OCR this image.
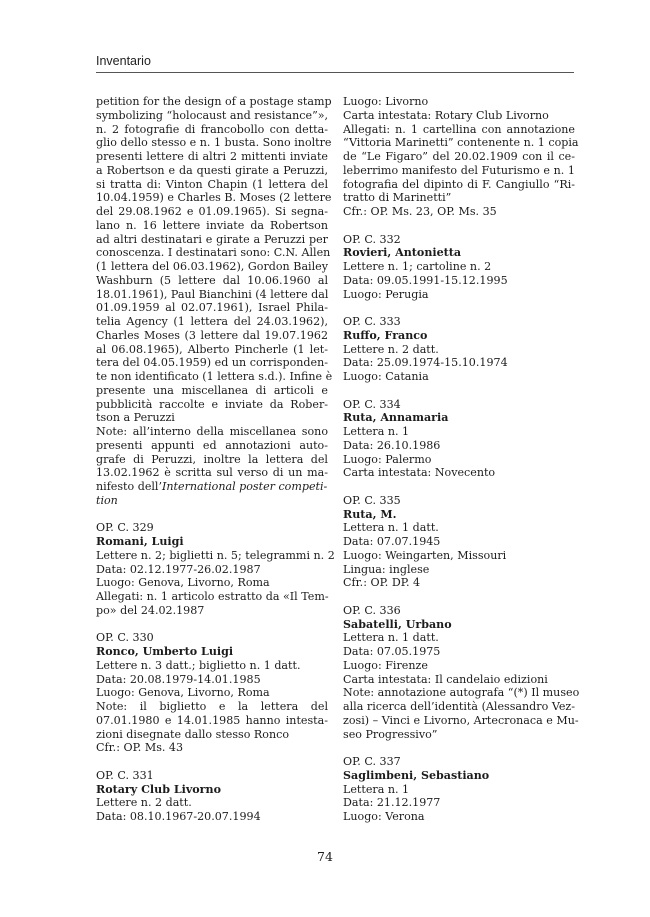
Inventario
petition for the design of a postage stamp
symbolizing “holocaust and resistance”»,
n. 2 fotografie di francobollo con detta-
glio dello stesso e n. 1 busta. Sono inoltre
presenti lettere di altri 2 mittenti inviate
a Robertson e da questi girate a Peruzzi,
si tratta di: Vinton Chapin (1 lettera del
10.04.1959) e Charles B. Moses (2 lettere
del 29.08.1962 e 01.09.1965). Si segna-
lano n. 16 lettere inviate da Robertson
ad altri destinatari e girate a Peruzzi per
conoscenza. I destinatari sono: C.N. Allen
(1 lettera del 06.03.1962), Gordon Bailey
Washburn (5 lettere dal 10.06.1960 al
18.01.1961), Paul Bianchini (4 lettere dal
01.09.1959 al 02.07.1961), Israel Phila-
telia Agency (1 lettera del 24.03.1962),
Charles Moses (3 lettere dal 19.07.1962
al 06.08.1965), Alberto Pincherle (1 let-
tera del 04.05.1959) ed un corrisponden-
te non identificato (1 lettera s.d.). Infine è
presente una miscellanea di articoli e
pubblicità raccolte e inviate da Rober-
tson a Peruzzi
Note: all’interno della miscellanea sono
presenti appunti ed annotazioni auto-
grafe di Peruzzi, inoltre la lettera del
13.02.1962 è scritta sul verso di un ma-
nifesto dell’International poster competi-
tion
OP. C. 329
Romani, Luigi
Lettere n. 2; biglietti n. 5; telegrammi n. 2
Data: 02.12.1977-26.02.1987
Luogo: Genova, Livorno, Roma
Allegati: n. 1 articolo estratto da «Il Tem-
po» del 24.02.1987
OP. C. 330
Ronco, Umberto Luigi
Lettere n. 3 datt.; biglietto n. 1 datt.
Data: 20.08.1979-14.01.1985
Luogo: Genova, Livorno, Roma
Note: il biglietto e la lettera del
07.01.1980 e 14.01.1985 hanno intesta-
zioni disegnate dallo stesso Ronco
Cfr.: OP. Ms. 43
OP. C. 331
Rotary Club Livorno
Lettere n. 2 datt.
Data: 08.10.1967-20.07.1994
Luogo: Livorno
Carta intestata: Rotary Club Livorno
Allegati: n. 1 cartellina con annotazione
“Vittoria Marinetti” contenente n. 1 copia
de “Le Figaro” del 20.02.1909 con il ce-
leberrimo manifesto del Futurismo e n. 1
fotografia del dipinto di F. Cangiullo “Ri-
tratto di Marinetti”
Cfr.: OP. Ms. 23, OP. Ms. 35
OP. C. 332
Rovieri, Antonietta
Lettere n. 1; cartoline n. 2
Data: 09.05.1991-15.12.1995
Luogo: Perugia
OP. C. 333
Ruffo, Franco
Lettere n. 2 datt.
Data: 25.09.1974-15.10.1974
Luogo: Catania
OP. C. 334
Ruta, Annamaria
Lettera n. 1
Data: 26.10.1986
Luogo: Palermo
Carta intestata: Novecento
OP. C. 335
Ruta, M.
Lettera n. 1 datt.
Data: 07.07.1945
Luogo: Weingarten, Missouri
Lingua: inglese
Cfr.: OP. DP. 4
OP. C. 336
Sabatelli, Urbano
Lettera n. 1 datt.
Data: 07.05.1975
Luogo: Firenze
Carta intestata: Il candelaio edizioni
Note: annotazione autografa “(*) Il museo
alla ricerca dell’identità (Alessandro Vez-
zosi) – Vinci e Livorno, Artecronaca e Mu-
seo Progressivo”
OP. C. 337
Saglimbeni, Sebastiano
Lettera n. 1
Data: 21.12.1977
Luogo: Verona
74
